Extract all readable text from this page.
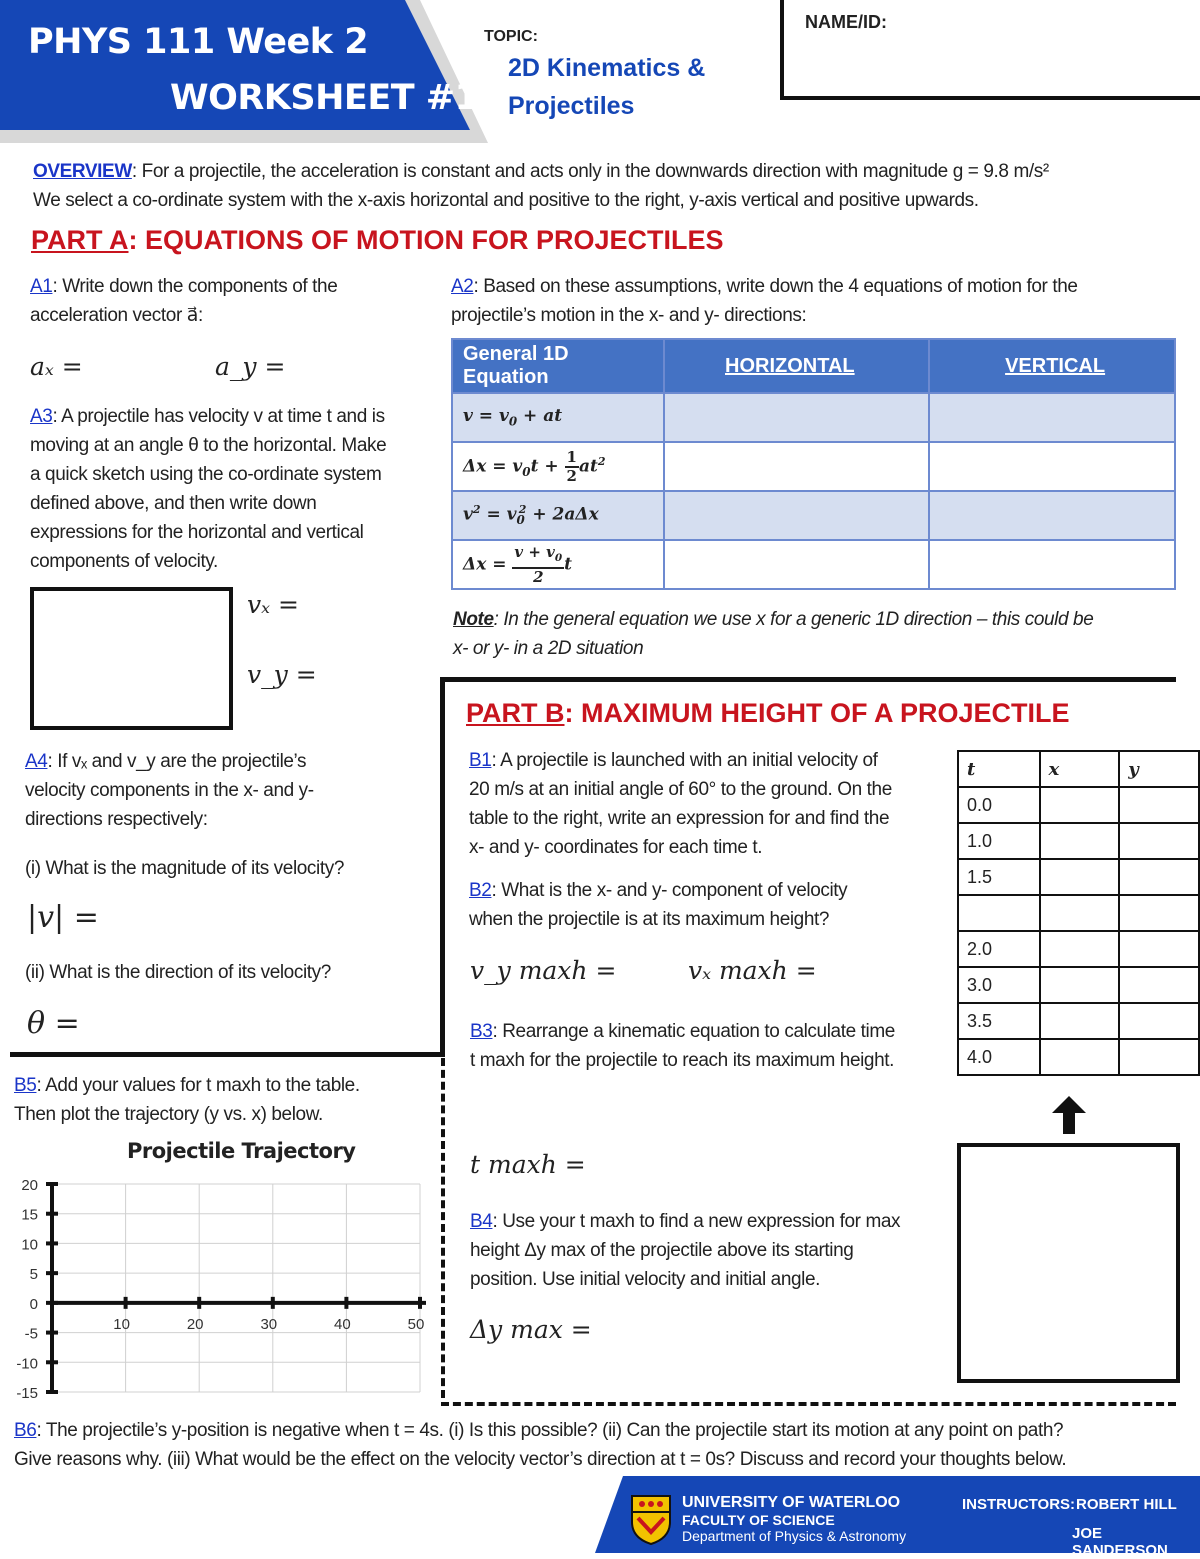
PHYS 111 Week 2
WORKSHEET #1
TOPIC:
2D Kinematics &
Projectiles
NAME/ID:
OVERVIEW: For a projectile, the acceleration is constant and acts only in the downwards direction with magnitude g = 9.8 m/s²
We select a co-ordinate system with the x-axis horizontal and positive to the right, y-axis vertical and positive upwards.
PART A: EQUATIONS OF MOTION FOR PROJECTILES
A1: Write down the components of the
acceleration vector a⃗:
aₓ =	a_y =
A2: Based on these assumptions, write down the 4 equations of motion for the
projectile’s motion in the x- and y- directions:
General 1D Equation	HORIZONTAL	VERTICAL
$v = v_0$ + at		
$\Delta x = v_0t + \frac{1}{2} at^2$		
$v^2 = v_0^2 + 2a\Delta x$		
$\Delta x = \frac{v + v_0}{2}$ t		
Note: In the general equation we use x for a generic 1D direction – this could be
x- or y- in a 2D situation
A3: A projectile has velocity v at time t and is
moving at an angle θ to the horizontal. Make
a quick sketch using the co-ordinate system
defined above, and then write down
expressions for the horizontal and vertical
components of velocity.
vₓ =
v_y =
A4: If vₓ and v_y are the projectile’s
velocity components in the x- and y-
directions respectively:
(i) What is the magnitude of its velocity?
|v| =
(ii) What is the direction of its velocity?
θ =
PART B: MAXIMUM HEIGHT OF A PROJECTILE
B1: A projectile is launched with an initial velocity of
20 m/s at an initial angle of 60° to the ground. On the
table to the right, write an expression for and find the
x- and y- coordinates for each time t.
B2: What is the x- and y- component of velocity
when the projectile is at its maximum height?
v_y maxh =	vₓ maxh =
B3: Rearrange a kinematic equation to calculate time
t maxh for the projectile to reach its maximum height.
t maxh =
B4: Use your t maxh to find a new expression for max
height Δy max of the projectile above its starting
position. Use initial velocity and initial angle.
Δy max =
t	x	y
0.0		
1.0		
1.5		

2.0		
3.0		
3.5		
4.0		
B5: Add your values for t maxh to the table.
Then plot the trajectory (y vs. x) below.
Projectile Trajectory
20
15
10
5
0
-5
-10
-15
10	20	30	40	50
B6: The projectile’s y-position is negative when t = 4s. (i) Is this possible? (ii) Can the projectile start its motion at any point on path?
Give reasons why. (iii) What would be the effect on the velocity vector’s direction at t = 0s? Discuss and record your thoughts below.
UNIVERSITY OF WATERLOO
FACULTY OF SCIENCE
Department of Physics & Astronomy
INSTRUCTORS: ROBERT HILL
JOE SANDERSON
